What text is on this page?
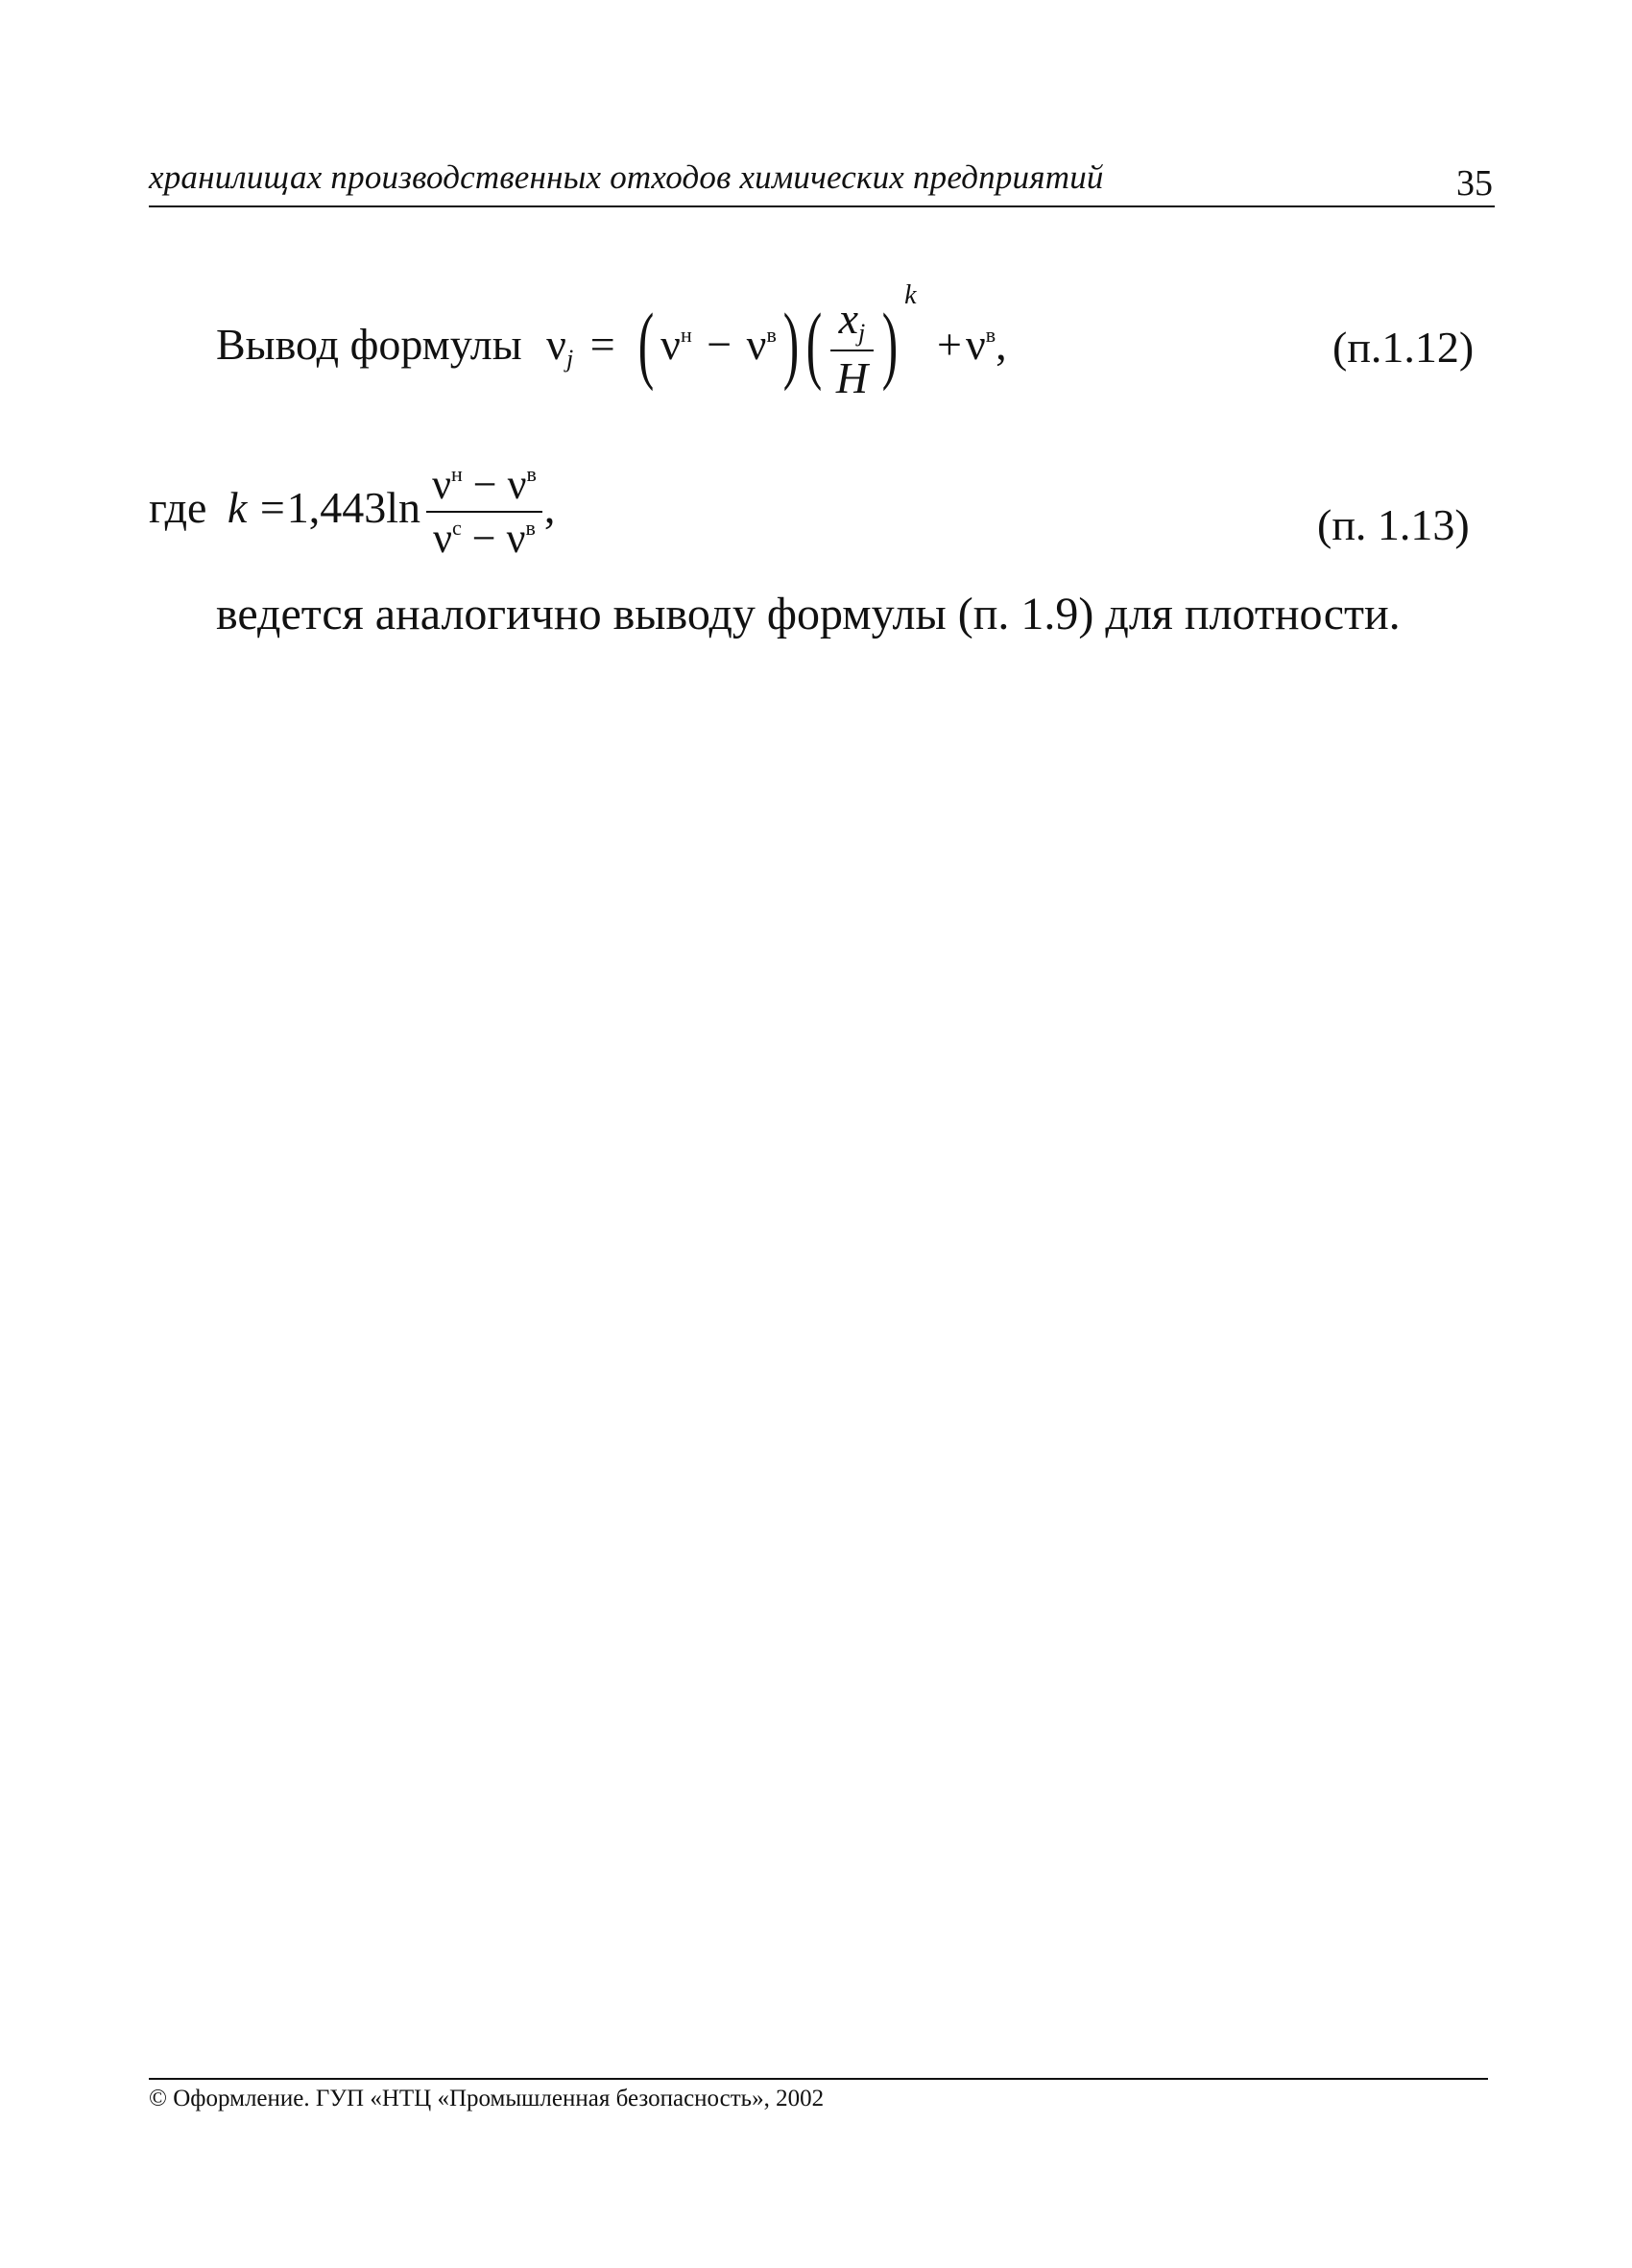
хранилищах производственных отходов химических предприятий	35
Вывод формулы νj = ( $\nu^н - \nu^в)( \frac{xj}{H} )^k +\nu^в$,	(п.1.12)
где $k =1,443\ln \frac{\nu^н - \nu^в}{\nu^с - \nu^в}$ ,	(п. 1.13)
ведется аналогично выводу формулы (п. 1.9) для плотности.
© Оформление. ГУП «НТЦ «Промышленная безопасность», 2002
